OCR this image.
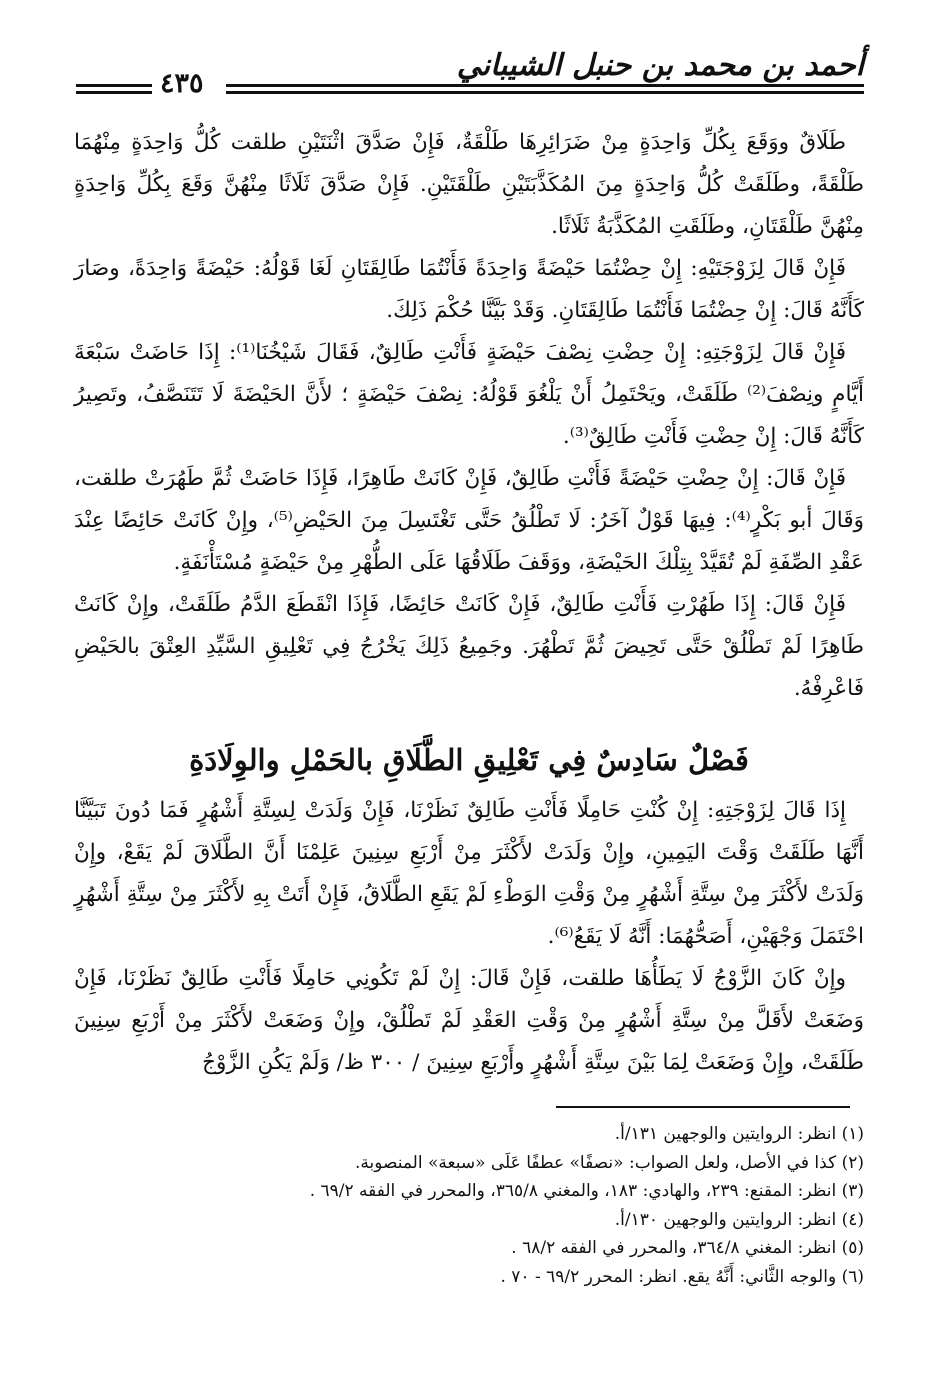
أحمد بن محمد بن حنبل الشيباني
٤٣٥

طَلَاقٌ ووَقَعَ بِكُلِّ وَاحِدَةٍ مِنْ ضَرَائِرِهَا طَلْقَةٌ، فَإِنْ صَدَّقَ اثْنَتَيْنِ طلقت كُلُّ وَاحِدَةٍ مِنْهُمَا طَلْقَةً، وطَلَقَتْ كُلُّ وَاحِدَةٍ مِنَ المُكَذَّبَتَيْنِ طَلْقَتَيْنِ. فَإِنْ صَدَّقَ ثَلَاثًا مِنْهُنَّ وَقَعَ بِكُلِّ وَاحِدَةٍ مِنْهُنَّ طَلْقَتَانِ، وطَلَقَتِ المُكَذَّبَةُ ثَلَاثًا.

فَإِنْ قَالَ لِزَوْجَتَيْهِ: إِنْ حِضْتُمَا حَيْضَةً وَاحِدَةً فَأَنْتُمَا طَالِقَتَانِ لَغَا قَوْلُهُ: حَيْضَةً وَاحِدَةً، وصَارَ كَأَنَّهُ قَالَ: إِنْ حِضْتُمَا فَأَنْتُمَا طَالِقَتَانِ. وَقَدْ بَيَّنَّا حُكْمَ ذَلِكَ.

فَإِنْ قَالَ لِزَوْجَتِهِ: إِنْ حِضْتِ نِصْفَ حَيْضَةٍ فَأَنْتِ طَالِقٌ، فَقَالَ شَيْخُنَا⁽¹⁾: إِذَا حَاضَتْ سَبْعَةَ أَيَّامٍ ونِصْفَ⁽²⁾ طَلَقَتْ، ويَحْتَمِلُ أَنْ يَلْغُوَ قَوْلُهُ: نِصْفَ حَيْضَةٍ ؛ لأَنَّ الحَيْضَةَ لَا تَتَنَصَّفُ، وتَصِيرُ كَأَنَّهُ قَالَ: إِنْ حِضْتِ فَأَنْتِ طَالِقٌ⁽³⁾.

فَإِنْ قَالَ: إِنْ حِضْتِ حَيْضَةً فَأَنْتِ طَالِقٌ، فَإِنْ كَانَتْ طَاهِرًا، فَإِذَا حَاضَتْ ثُمَّ طَهُرَتْ طلقت، وَقَالَ أبو بَكْرٍ⁽⁴⁾: فِيهَا قَوْلٌ آخَرُ: لَا تَطْلُقُ حَتَّى تَغْتَسِلَ مِنَ الحَيْضِ⁽⁵⁾، وإِنْ كَانَتْ حَائِضًا عِنْدَ عَقْدِ الصِّفَةِ لَمْ تُقَيَّدْ بِتِلْكَ الحَيْضَةِ، ووَقَفَ طَلَاقُهَا عَلَى الطُّهْرِ مِنْ حَيْضَةٍ مُسْتَأْنَفَةٍ.

فَإِنْ قَالَ: إِذَا طَهُرْتِ فَأَنْتِ طَالِقٌ، فَإِنْ كَانَتْ حَائِضًا، فَإِذَا انْقَطَعَ الدَّمُ طَلَقَتْ، وإِنْ كَانَتْ طَاهِرًا لَمْ تَطْلُقْ حَتَّى تَحِيضَ ثُمَّ تَطْهُرَ. وجَمِيعُ ذَلِكَ يَخْرُجُ فِي تَعْلِيقِ السَّيِّدِ العِتْقَ بالحَيْضِ فَاعْرِفْهُ.

فَصْلٌ سَادِسٌ فِي تَعْلِيقِ الطَّلَاقِ بالحَمْلِ والوِلَادَةِ

إِذَا قَالَ لِزَوْجَتِهِ: إِنْ كُنْتِ حَامِلًا فَأَنْتِ طَالِقٌ نَظَرْنَا، فَإِنْ وَلَدَتْ لِسِتَّةِ أَشْهُرٍ فَمَا دُونَ تَبَيَّنَّا أَنَّهَا طَلَقَتْ وَقْتَ اليَمِينِ، وإِنْ وَلَدَتْ لأَكْثَرَ مِنْ أَرْبَعِ سِنِينَ عَلِمْنَا أَنَّ الطَّلَاقَ لَمْ يَقَعْ، وإِنْ وَلَدَتْ لأَكْثَرَ مِنْ سِتَّةِ أَشْهُرٍ مِنْ وَقْتِ الوَطْءِ لَمْ يَقَعِ الطَّلَاقُ، فَإِنْ أَتَتْ بِهِ لأَكْثَرَ مِنْ سِتَّةِ أَشْهُرٍ احْتَمَلَ وَجْهَيْنِ، أَصَحُّهُمَا: أَنَّهُ لَا يَقَعُ⁽⁶⁾.

وإِنْ كَانَ الزَّوْجُ لَا يَطَأُهَا طلقت، فَإِنْ قَالَ: إِنْ لَمْ تَكُونِي حَامِلًا فَأَنْتِ طَالِقٌ نَظَرْنَا، فَإِنْ وَضَعَتْ لأَقَلَّ مِنْ سِتَّةِ أَشْهُرٍ مِنْ وَقْتِ العَقْدِ لَمْ تَطْلُقْ، وإِنْ وَضَعَتْ لأَكْثَرَ مِنْ أَرْبَعِ سِنِينَ طَلَقَتْ، وإِنْ وَضَعَتْ لِمَا بَيْنَ سِتَّةِ أَشْهُرٍ وأَرْبَعِ سِنِينَ / ٣٠٠ ظ/ وَلَمْ يَكُنِ الزَّوْجُ

(١) انظر: الروايتين والوجهين ١٣١/أ.

(٢) كذا في الأصل، ولعل الصواب: «نصفًا» عطفًا عَلَى «سبعة» المنصوبة.

(٣) انظر: المقنع: ٢٣٩، والهادي: ١٨٣، والمغني ٣٦٥/٨، والمحرر في الفقه ٦٩/٢ .

(٤) انظر: الروايتين والوجهين ١٣٠/أ.

(٥) انظر: المغني ٣٦٤/٨، والمحرر في الفقه ٦٨/٢ .

(٦) والوجه الثَّاني: أَنَّهُ يقع. انظر: المحرر ٦٩/٢ - ٧٠ .
